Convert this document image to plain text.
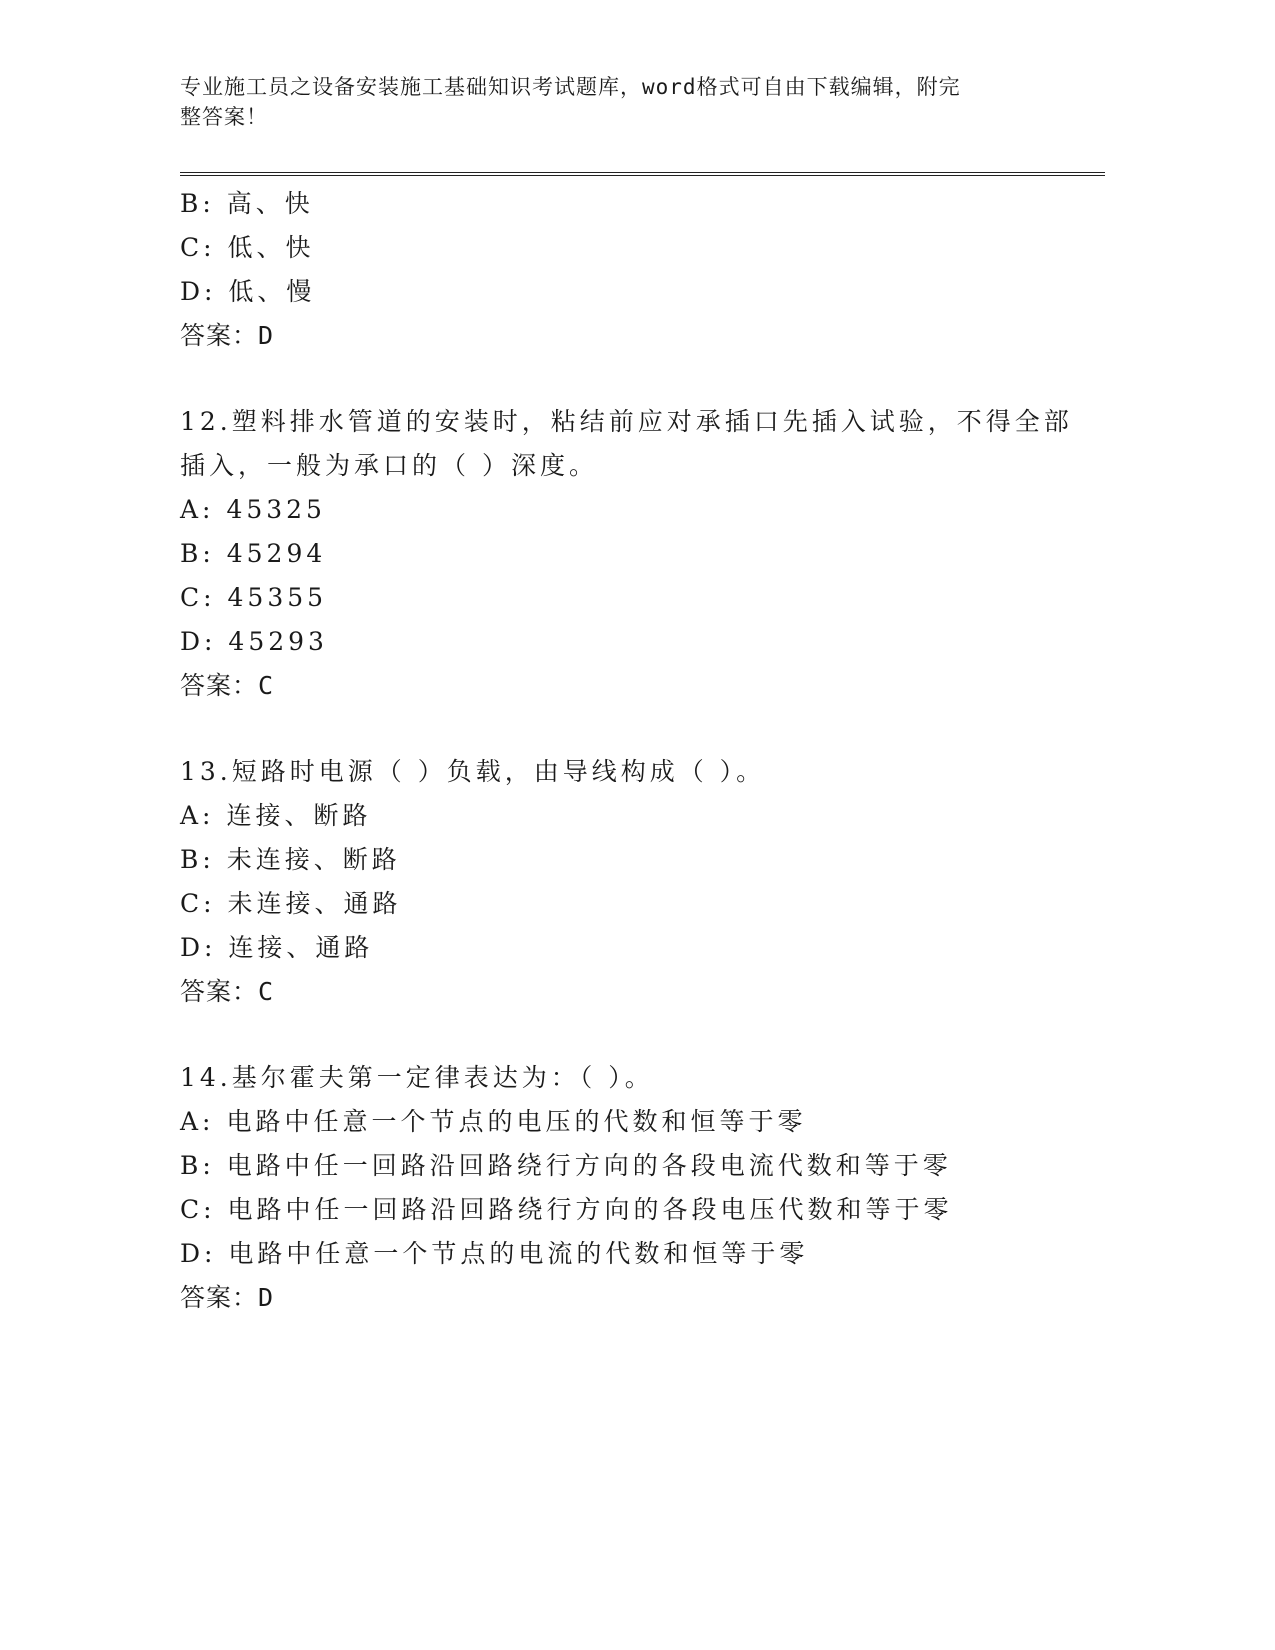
专业施工员之设备安装施工基础知识考试题库，word格式可自由下载编辑，附完
整答案！
B: 高、快
C: 低、快
D: 低、慢
答案：D
12.塑料排水管道的安装时，粘结前应对承插口先插入试验，不得全部
插入，一般为承口的（ ）深度。
A: 45325
B: 45294
C: 45355
D: 45293
答案：C
13.短路时电源（ ）负载，由导线构成（ ）。
A: 连接、断路
B: 未连接、断路
C: 未连接、通路
D: 连接、通路
答案：C
14.基尔霍夫第一定律表达为：（ ）。
A: 电路中任意一个节点的电压的代数和恒等于零
B: 电路中任一回路沿回路绕行方向的各段电流代数和等于零
C: 电路中任一回路沿回路绕行方向的各段电压代数和等于零
D: 电路中任意一个节点的电流的代数和恒等于零
答案：D
